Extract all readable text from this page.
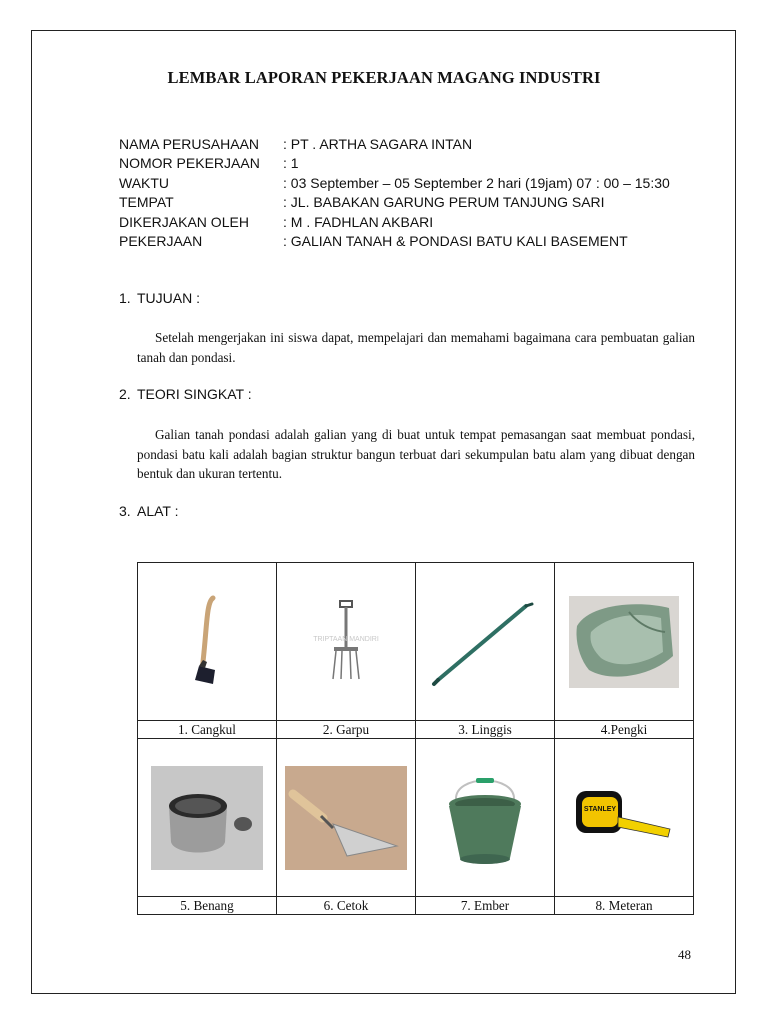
LEMBAR LAPORAN PEKERJAAN MAGANG INDUSTRI
NAMA PERUSAHAAN : PT . ARTHA SAGARA INTAN
NOMOR PEKERJAAN : 1
WAKTU	: 03 September – 05 September 2 hari (19jam) 07 : 00 – 15:30
TEMPAT	: JL. BABAKAN GARUNG PERUM TANJUNG SARI
DIKERJAKAN OLEH : M . FADHLAN AKBARI
PEKERJAAN	: GALIAN TANAH & PONDASI BATU KALI BASEMENT
1. TUJUAN :
Setelah mengerjakan ini siswa dapat, mempelajari dan memahami bagaimana cara pembuatan galian tanah dan pondasi.
2. TEORI SINGKAT :
Galian tanah pondasi adalah galian yang di buat untuk tempat pemasangan saat membuat pondasi, pondasi batu kali adalah bagian struktur bangun terbuat dari sekumpulan batu alam yang dibuat dengan bentuk dan ukuran tertentu.
3. ALAT :

TRIPTAAN MANDIRI

1. Cangkul	2. Garpu	3. Linggis	4.Pengki

STANLEY

5. Benang	6. Cetok	7. Ember	8. Meteran
48
